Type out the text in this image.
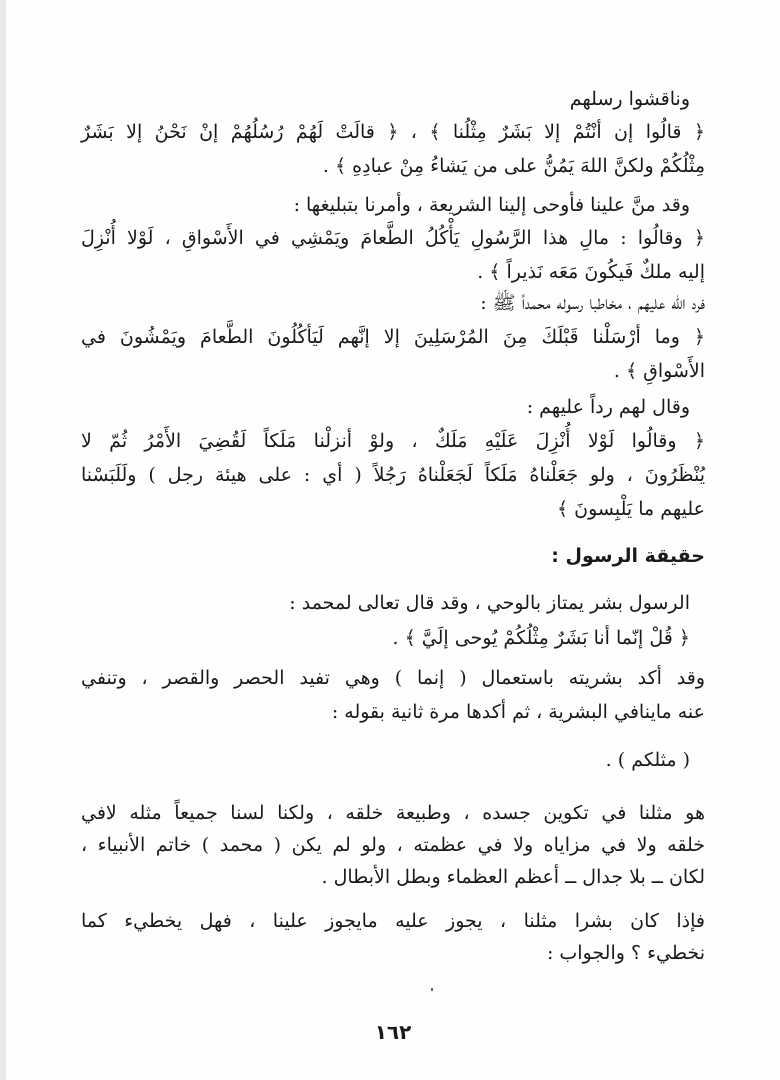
وناقشوا رسلهم
﴿ قالُوا إن أنْتُمْ إلا بَشَرٌ مِثْلُنا ﴾ ، ﴿ قالَتْ لَهُمْ رُسُلُهُمْ إنْ نَحْنُ إلا بَشَرٌ
مِثْلُكُمْ ولكنَّ اللهَ يَمُنُّ على من يَشاءُ مِنْ عبادِهِ ﴾ .
وقد منَّ علينا فأوحى إلينا الشريعة ، وأمرنا بتبليغها :
﴿ وقالُوا : مالِ هذا الرَّسُولِ يَأْكُلُ الطَّعامَ ويَمْشِي في الأَسْواقِ ، لَوْلا أُنْزِلَ
إليه ملكٌ فَيكُونَ مَعَه نَذيراً ﴾ .
فرد الله عليهم ، مخاطبا رسوله محمداً ﷺ :
﴿ وما أرْسَلْنا قَبْلَكَ مِنَ المُرْسَلِينَ إلا إنَّهم لَيَأكُلُونَ الطَّعامَ ويَمْشُونَ في
الأَسْواقِ ﴾ .
وقال لهم رداً عليهم :
﴿ وقالُوا لَوْلا أُنْزِلَ عَلَيْهِ مَلَكٌ ، ولوْ أنزلْنا مَلَكاً لَقُضِيَ الأَمْرُ ثُمّ لا
يُنْظَرُونَ ، ولو جَعَلْناهُ مَلَكاً لَجَعَلْناهُ رَجُلاً ( أي : على هيئة رجل ) ولَلَبَسْنا
عليهم ما يَلْبِسونَ ﴾
حقيقة الرسول :
الرسول بشر يمتاز بالوحي ، وقد قال تعالى لمحمد :
﴿ قُلْ إنّما أنا بَشَرٌ مِثْلُكُمْ يُوحى إلَيَّ ﴾ .
وقد أكد بشريته باستعمال ( إنما ) وهي تفيد الحصر والقصر ، وتنفي
عنه ماينافي البشرية ، ثم أكدها مرة ثانية بقوله :
( مثلكم ) .
هو مثلنا في تكوين جسده ، وطبيعة خلقه ، ولكنا لسنا جميعاً مثله لافي
خلقه ولا في مزاياه ولا في عظمته ، ولو لم يكن ( محمد ) خاتم الأنبياء ،
لكان ــ بلا جدال ــ أعظم العظماء وبطل الأبطال .
فإذا كان بشرا مثلنا ، يجوز عليه مايجوز علينا ، فهل يخطيء كما
نخطيء ؟ والجواب :
١٦٢
